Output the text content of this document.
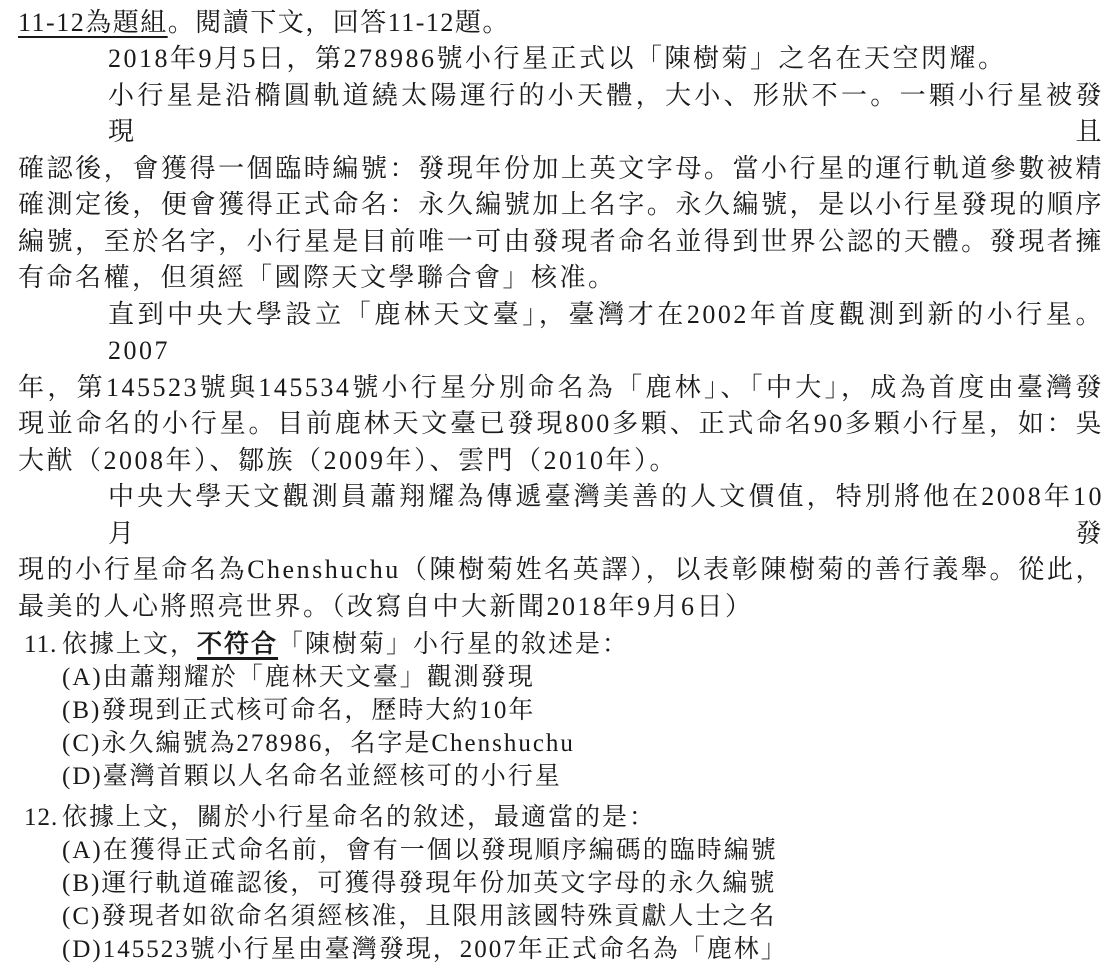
11-12為題組。閱讀下文，回答11-12題。
2018年9月5日，第278986號小行星正式以「陳樹菊」之名在天空閃耀。
小行星是沿橢圓軌道繞太陽運行的小天體，大小、形狀不一。一顆小行星被發現且
確認後，會獲得一個臨時編號：發現年份加上英文字母。當小行星的運行軌道參數被精
確測定後，便會獲得正式命名：永久編號加上名字。永久編號，是以小行星發現的順序
編號，至於名字，小行星是目前唯一可由發現者命名並得到世界公認的天體。發現者擁
有命名權，但須經「國際天文學聯合會」核准。
直到中央大學設立「鹿林天文臺」，臺灣才在2002年首度觀測到新的小行星。2007
年，第145523號與145534號小行星分別命名為「鹿林」、「中大」，成為首度由臺灣發
現並命名的小行星。目前鹿林天文臺已發現800多顆、正式命名90多顆小行星，如：吳
大猷（2008年）、鄒族（2009年）、雲門（2010年）。
中央大學天文觀測員蕭翔耀為傳遞臺灣美善的人文價值，特別將他在2008年10月發
現的小行星命名為Chenshuchu（陳樹菊姓名英譯），以表彰陳樹菊的善行義舉。從此，
最美的人心將照亮世界。（改寫自中大新聞2018年9月6日）
11. 依據上文，不符合「陳樹菊」小行星的敘述是：
(A)由蕭翔耀於「鹿林天文臺」觀測發現
(B)發現到正式核可命名，歷時大約10年
(C)永久編號為278986，名字是Chenshuchu
(D)臺灣首顆以人名命名並經核可的小行星
12. 依據上文，關於小行星命名的敘述，最適當的是：
(A)在獲得正式命名前，會有一個以發現順序編碼的臨時編號
(B)運行軌道確認後，可獲得發現年份加英文字母的永久編號
(C)發現者如欲命名須經核准，且限用該國特殊貢獻人士之名
(D)145523號小行星由臺灣發現，2007年正式命名為「鹿林」
